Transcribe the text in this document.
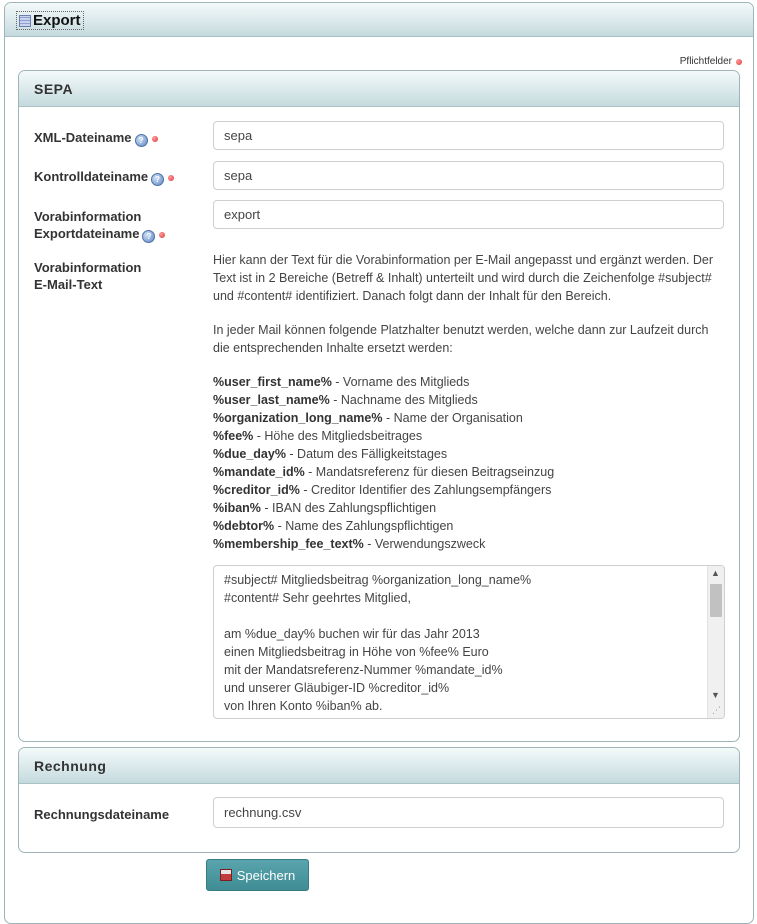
Export
Pflichtfelder
SEPA
XML-Dateiname ?
sepa
Kontrolldateiname ?
sepa
Vorabinformation
Exportdateiname ?
export
Vorabinformation
E-Mail-Text

Hier kann der Text für die Vorabinformation per E-Mail angepasst und ergänzt werden. Der Text ist in 2 Bereiche (Betreff & Inhalt) unterteilt und wird durch die Zeichenfolge #subject# und #content# identifiziert. Danach folgt dann der Inhalt für den Bereich.

In jeder Mail können folgende Platzhalter benutzt werden, welche dann zur Laufzeit durch die entsprechenden Inhalte ersetzt werden:

%user_first_name% - Vorname des Mitglieds
%user_last_name% - Nachname des Mitglieds
%organization_long_name% - Name der Organisation
%fee% - Höhe des Mitgliedsbeitrages
%due_day% - Datum des Fälligkeitstages
%mandate_id% - Mandatsreferenz für diesen Beitragseinzug
%creditor_id% - Creditor Identifier des Zahlungsempfängers
%iban% - IBAN des Zahlungspflichtigen
%debtor% - Name des Zahlungspflichtigen
%membership_fee_text% - Verwendungszweck
#subject# Mitgliedsbeitrag %organization_long_name%
#content# Sehr geehrtes Mitglied,

am %due_day% buchen wir für das Jahr 2013
einen Mitgliedsbeitrag in Höhe von %fee% Euro
mit der Mandatsreferenz-Nummer %mandate_id%
und unserer Gläubiger-ID %creditor_id%
von Ihren Konto %iban% ab.
▲
▼
⋰
Rechnung
Rechnungsdateiname
rechnung.csv
Speichern
